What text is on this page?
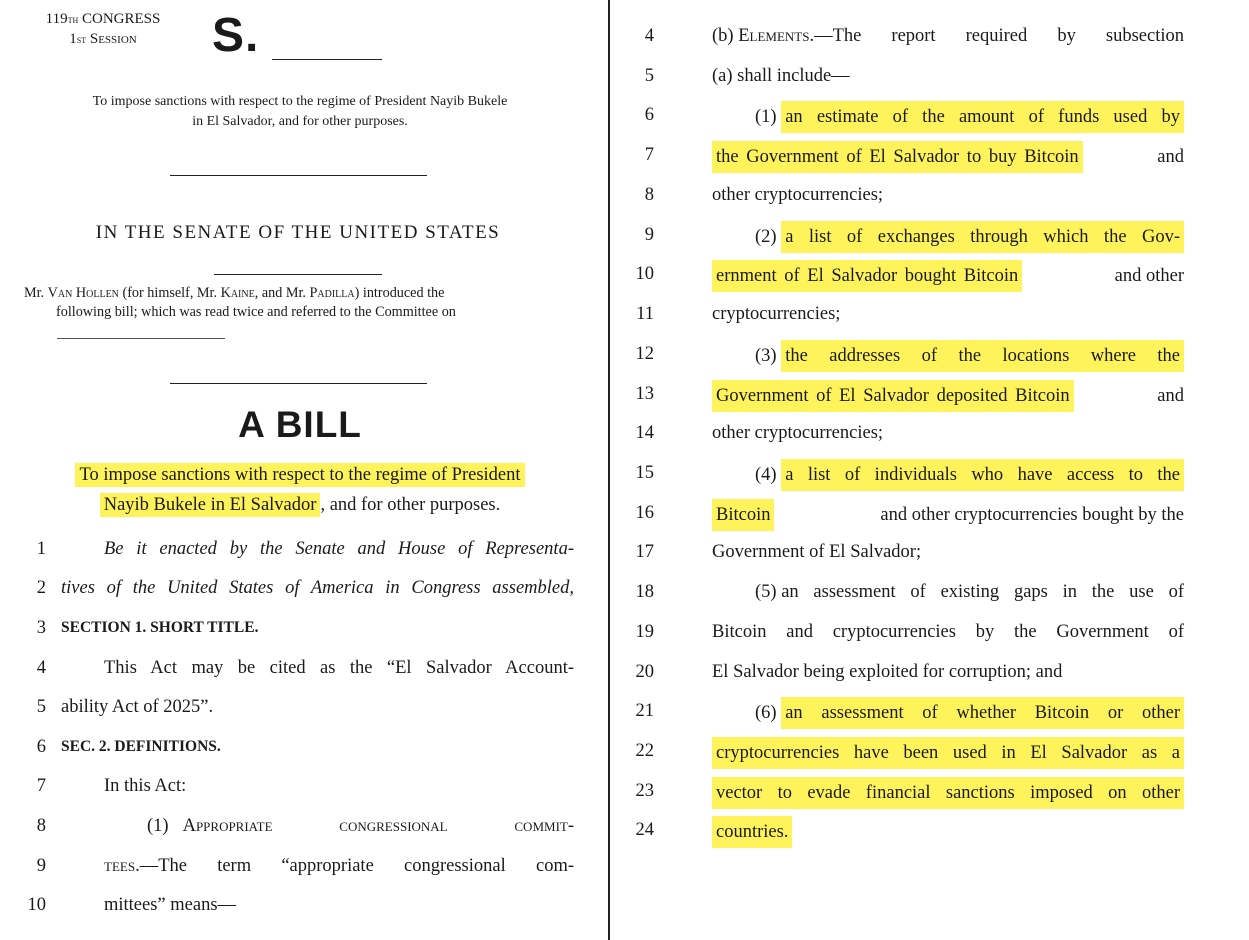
119th CONGRESS
1st Session	S.
To impose sanctions with respect to the regime of President Nayib Bukele
in El Salvador, and for other purposes.
IN THE SENATE OF THE UNITED STATES
Mr. Van Hollen (for himself, Mr. Kaine, and Mr. Padilla) introduced the
following bill; which was read twice and referred to the Committee on
A BILL
To impose sanctions with respect to the regime of President
Nayib Bukele in El Salvador , and for other purposes.
1	Be it enacted by the Senate and House of Representa-
2 tives of the United States of America in Congress assembled,
3 SECTION 1. SHORT TITLE.
4	This Act may be cited as the “El Salvador Account-
5 ability Act of 2025”.
6 SEC. 2. DEFINITIONS.
7	In this Act:
8	(1) Appropriate congressional commit-
9	tees .—The term “appropriate congressional com-
10	mittees” means—
4	(b) Elements .—The report required by subsection
5	(a) shall include—
6	(1) an estimate of the amount of funds used by
7	the Government of El Salvador to buy Bitcoin	and
8	other cryptocurrencies;
9	(2) a list of exchanges through which the Gov-
10	ernment of El Salvador bought Bitcoin	and other
11	cryptocurrencies;
12	(3) the addresses of the locations where the
13	Government of El Salvador deposited Bitcoin	and
14	other cryptocurrencies;
15	(4) a list of individuals who have access to the
16	Bitcoin	and other cryptocurrencies bought by the
17	Government of El Salvador;
18	(5) an assessment of existing gaps in the use of
19	Bitcoin and cryptocurrencies by the Government of
20	El Salvador being exploited for corruption; and
21	(6) an assessment of whether Bitcoin or other
22	cryptocurrencies have been used in El Salvador as a
23	vector to evade financial sanctions imposed on other
24	countries.
